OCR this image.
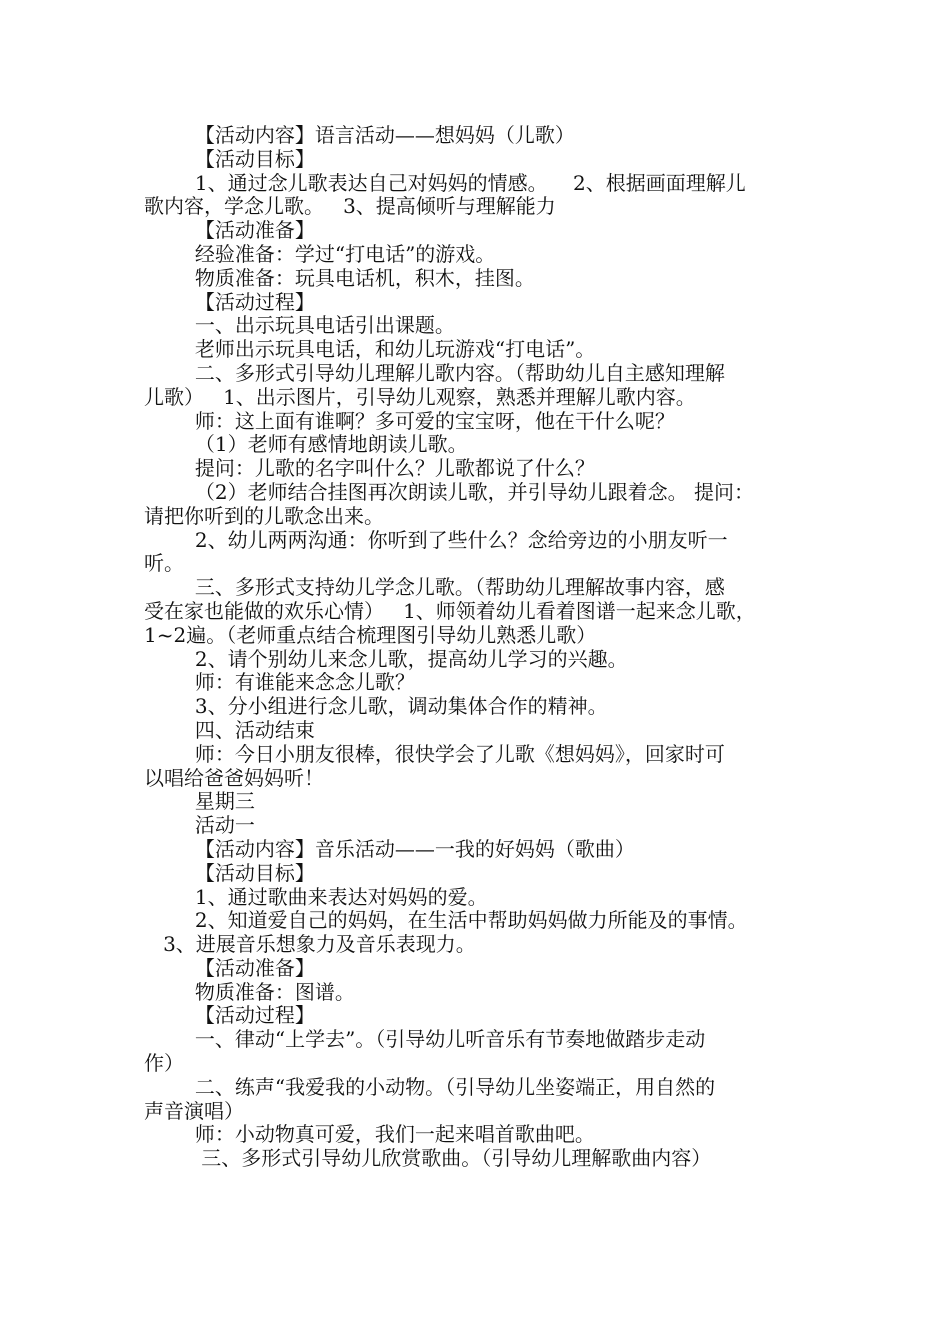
【活动内容】语言活动——想妈妈（儿歌）
【活动目标】
1、通过念儿歌表达自己对妈妈的情感。    2、根据画面理解儿
歌内容，学念儿歌。   3、提高倾听与理解能力
【活动准备】
经验准备：学过“打电话”的游戏。
物质准备：玩具电话机，积木，挂图。
【活动过程】
一、出示玩具电话引出课题。
老师出示玩具电话，和幼儿玩游戏“打电话”。
二、多形式引导幼儿理解儿歌内容。（帮助幼儿自主感知理解
儿歌）   1、出示图片，引导幼儿观察，熟悉并理解儿歌内容。
师：这上面有谁啊？多可爱的宝宝呀，他在干什么呢？
（1）老师有感情地朗读儿歌。
提问：儿歌的名字叫什么？儿歌都说了什么？
（2）老师结合挂图再次朗读儿歌，并引导幼儿跟着念。 提问：
请把你听到的儿歌念出来。
2、幼儿两两沟通：你听到了些什么？念给旁边的小朋友听一
听。
三、多形式支持幼儿学念儿歌。（帮助幼儿理解故事内容，感
受在家也能做的欢乐心情）   1、师领着幼儿看着图谱一起来念儿歌，
1~2遍。（老师重点结合梳理图引导幼儿熟悉儿歌）
2、请个别幼儿来念儿歌，提高幼儿学习的兴趣。
师：有谁能来念念儿歌？
3、分小组进行念儿歌，调动集体合作的精神。
四、活动结束
师：今日小朋友很棒，很快学会了儿歌《想妈妈》，回家时可
以唱给爸爸妈妈听！
星期三
活动一
【活动内容】音乐活动——一我的好妈妈（歌曲）
【活动目标】
1、通过歌曲来表达对妈妈的爱。
2、知道爱自己的妈妈，在生活中帮助妈妈做力所能及的事情。
3、进展音乐想象力及音乐表现力。
【活动准备】
物质准备：图谱。
【活动过程】
一、律动“上学去”。（引导幼儿听音乐有节奏地做踏步走动
作）
二、练声“我爱我的小动物。（引导幼儿坐姿端正，用自然的
声音演唱）
师：小动物真可爱，我们一起来唱首歌曲吧。
三、多形式引导幼儿欣赏歌曲。（引导幼儿理解歌曲内容）
